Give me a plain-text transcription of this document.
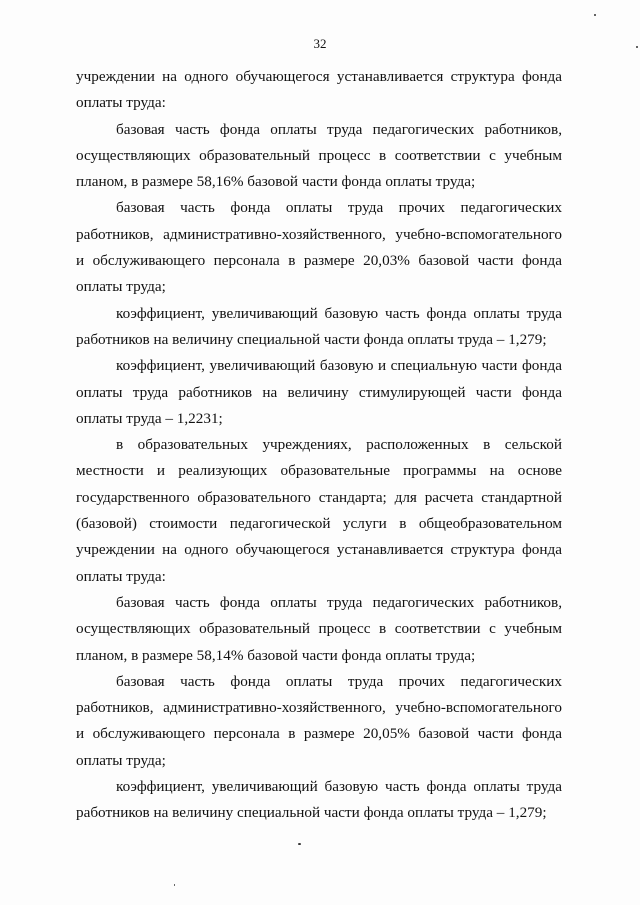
32

учреждении на одного обучающегося устанавливается структура фонда оплаты труда:

базовая часть фонда оплаты труда педагогических работников, осуществляющих образовательный процесс в соответствии с учебным планом, в размере 58,16% базовой части фонда оплаты труда;

базовая часть фонда оплаты труда прочих педагогических работников, административно-хозяйственного, учебно-вспомогательного и обслуживающего персонала в размере 20,03% базовой части фонда оплаты труда;

коэффициент, увеличивающий базовую часть фонда оплаты труда работников на величину специальной части фонда оплаты труда – 1,279;

коэффициент, увеличивающий базовую и специальную части фонда оплаты труда работников на величину стимулирующей части фонда оплаты труда – 1,2231;

в образовательных учреждениях, расположенных в сельской местности и реализующих образовательные программы на основе государственного образовательного стандарта; для расчета стандартной (базовой) стоимости педагогической услуги в общеобразовательном учреждении на одного обучающегося устанавливается структура фонда оплаты труда:

базовая часть фонда оплаты труда педагогических работников, осуществляющих образовательный процесс в соответствии с учебным планом, в размере 58,14% базовой части фонда оплаты труда;

базовая часть фонда оплаты труда прочих педагогических работников, административно-хозяйственного, учебно-вспомогательного и обслуживающего персонала в размере 20,05% базовой части фонда оплаты труда;

коэффициент, увеличивающий базовую часть фонда оплаты труда работников на величину специальной части фонда оплаты труда – 1,279;
